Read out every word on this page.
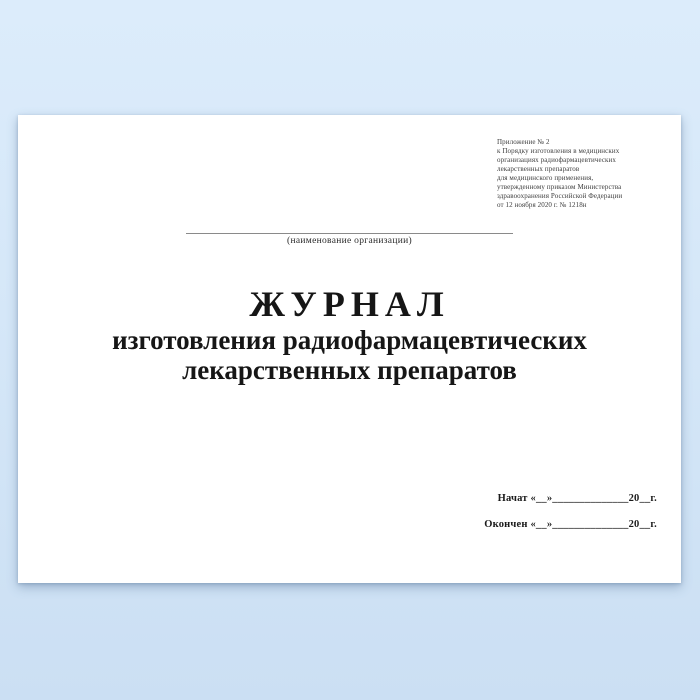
Приложение № 2
к Порядку изготовления в медицинских
организациях радиофармацевтических
лекарственных препаратов
для медицинского применения,
утвержденному приказом Министерства
здравоохранения Российской Федерации
от 12 ноября 2020 г. № 1218н
(наименование организации)
ЖУРНАЛ
изготовления радиофармацевтических
лекарственных препаратов
Начат «__»______________20__г.
Окончен «__»______________20__г.
